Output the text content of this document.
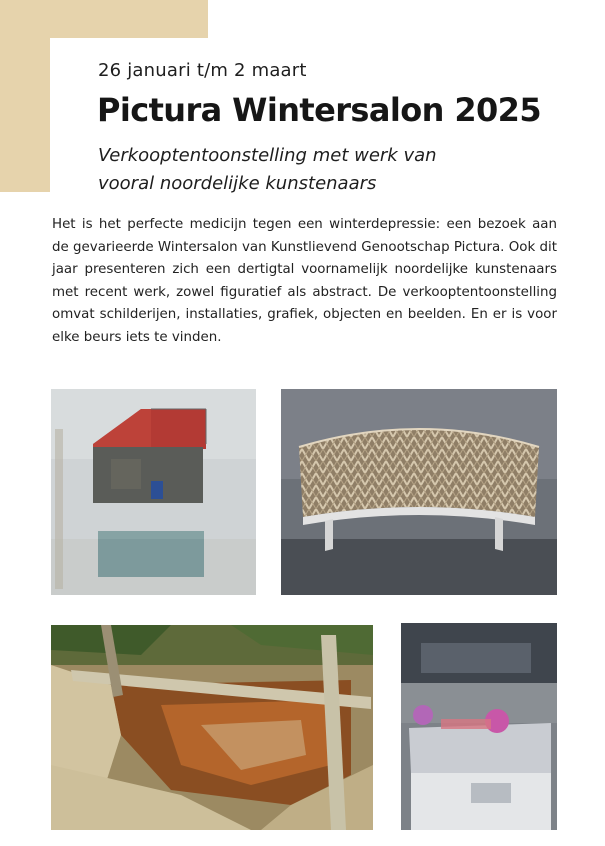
26 januari t/m 2 maart
Pictura Wintersalon 2025

Verkooptentoonstelling met werk van
vooral noordelijke kunstenaars

Het is het perfecte medicijn tegen een winterdepressie: een bezoek aan de gevarieerde Wintersalon van Kunstlievend Genootschap Pictura. Ook dit jaar presenteren zich een dertigtal voornamelijk noordelijke kunstenaars met recent werk, zowel figuratief als abstract. De verkooptentoonstelling omvat schilderijen, installaties, grafiek, objecten en beelden. En er is voor elke beurs iets te vinden.
